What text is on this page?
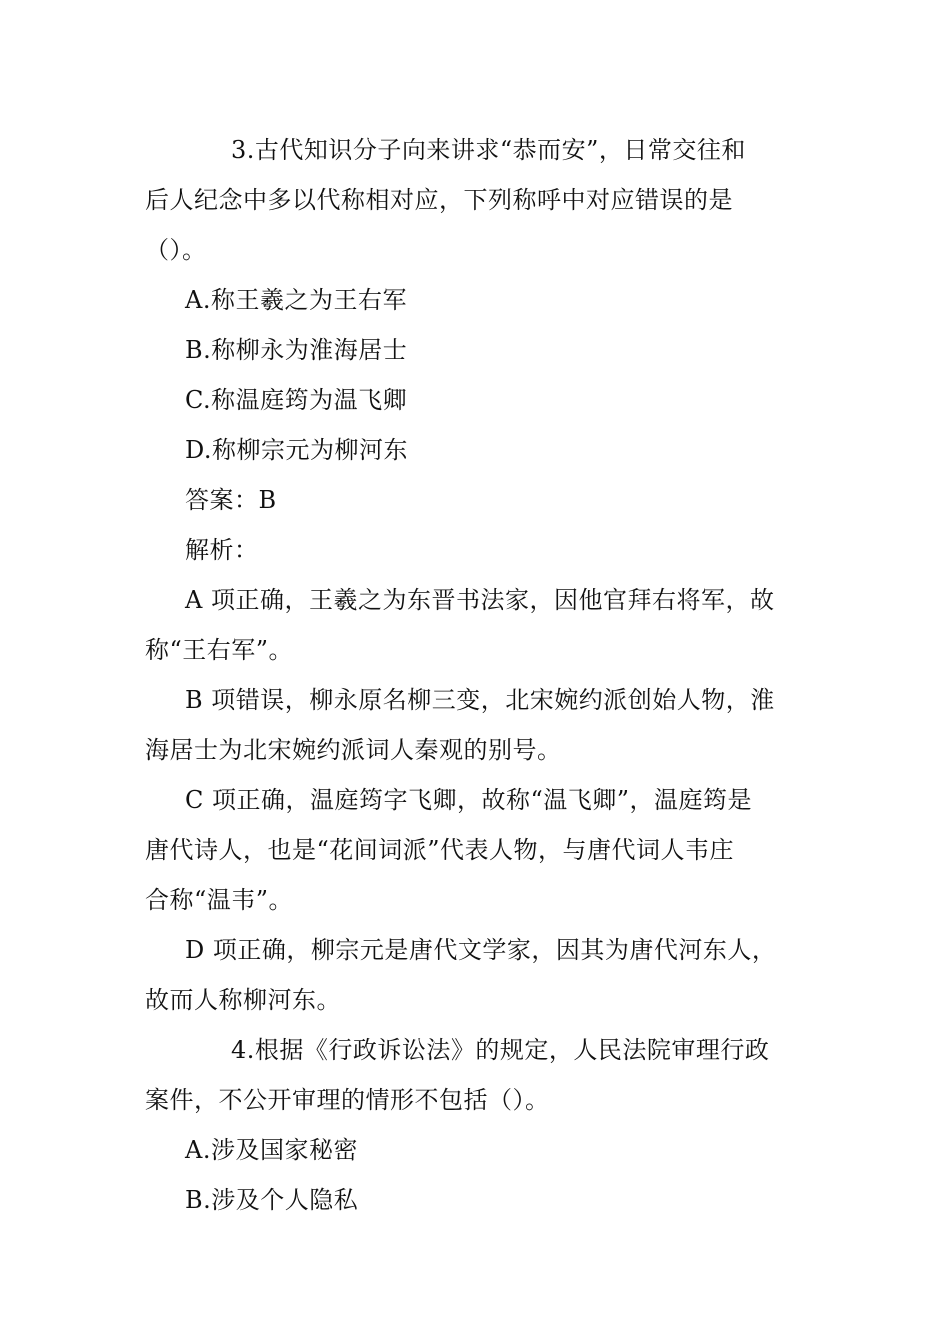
3.古代知识分子向来讲求“恭而安”，日常交往和
后人纪念中多以代称相对应，下列称呼中对应错误的是
（）。
A.称王羲之为王右军
B.称柳永为淮海居士
C.称温庭筠为温飞卿
D.称柳宗元为柳河东
答案：B
解析：
A 项正确，王羲之为东晋书法家，因他官拜右将军，故
称“王右军”。
B 项错误，柳永原名柳三变，北宋婉约派创始人物，淮
海居士为北宋婉约派词人秦观的别号。
C 项正确，温庭筠字飞卿，故称“温飞卿”，温庭筠是
唐代诗人，也是“花间词派”代表人物，与唐代词人韦庄
合称“温韦”。
D 项正确，柳宗元是唐代文学家，因其为唐代河东人，
故而人称柳河东。
4.根据《行政诉讼法》的规定，人民法院审理行政
案件，不公开审理的情形不包括（）。
A.涉及国家秘密
B.涉及个人隐私
